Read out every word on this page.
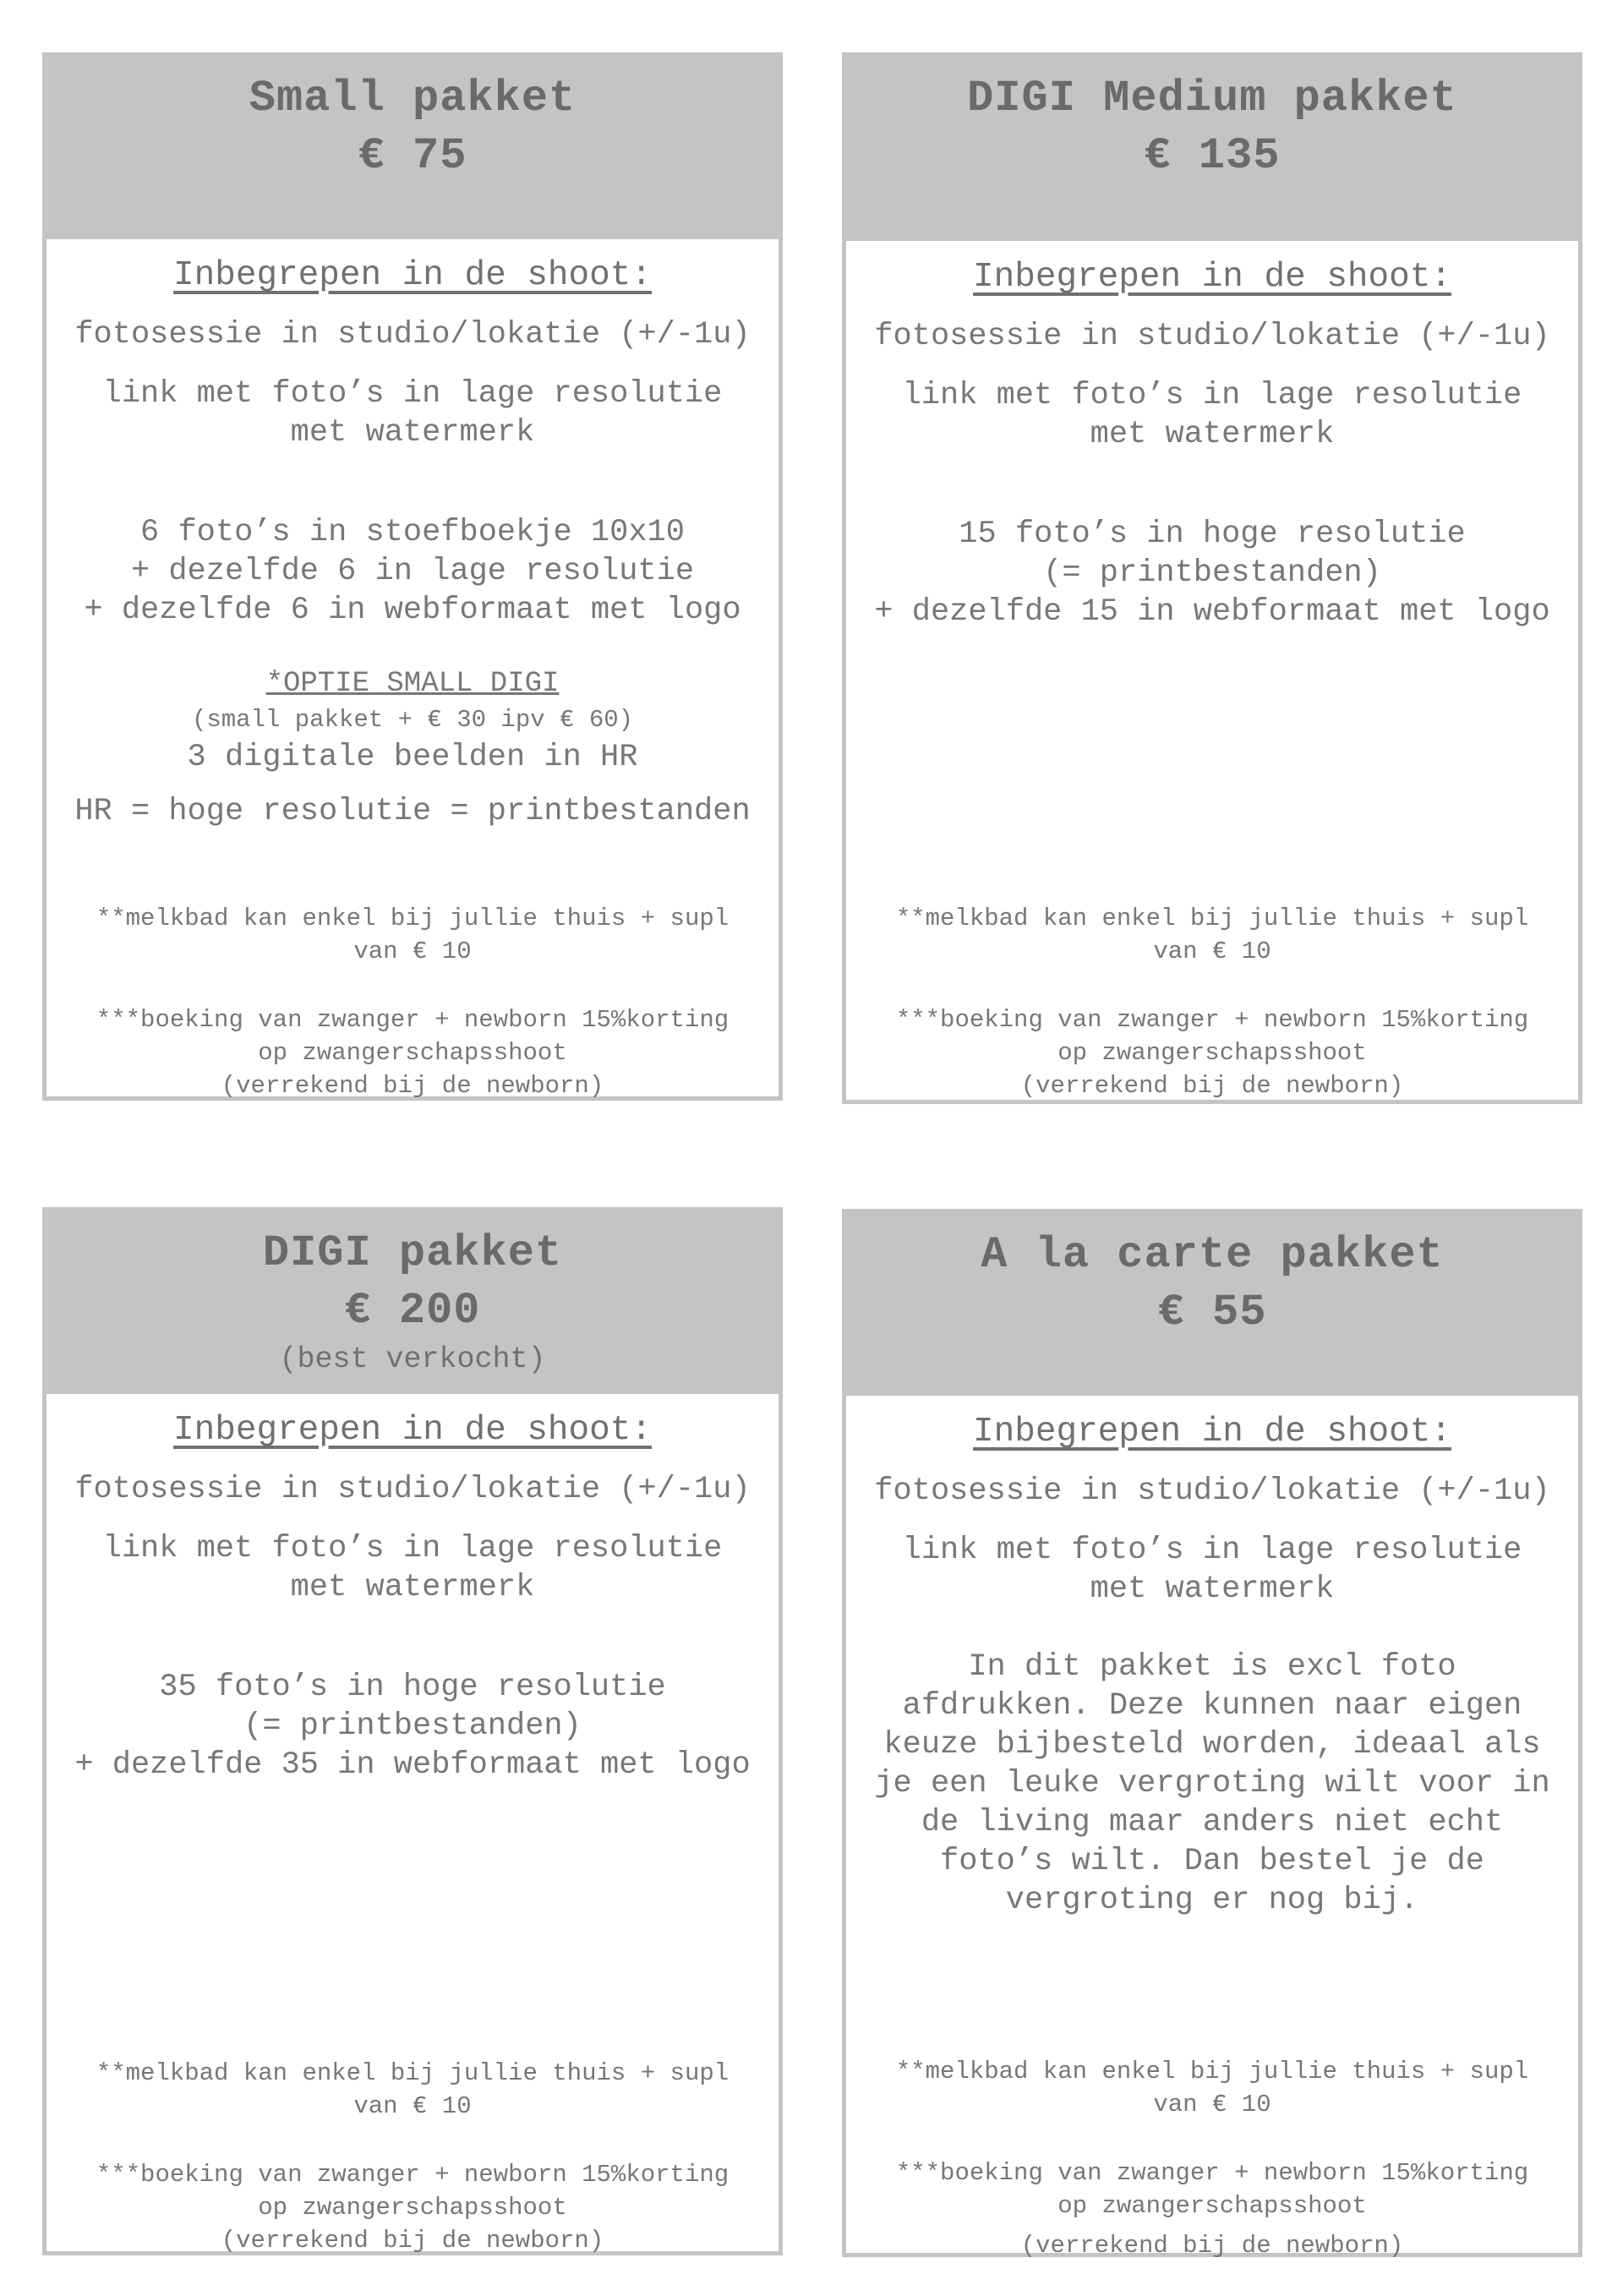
Small pakket
€ 75
Inbegrepen in de shoot:
fotosessie in studio/lokatie (+/-1u)
link met foto’s in lage resolutie
met watermerk
6 foto’s in stoefboekje 10x10
+ dezelfde 6 in lage resolutie
+ dezelfde 6 in webformaat met logo
*OPTIE SMALL DIGI
(small pakket + € 30 ipv € 60)
3 digitale beelden in HR
HR = hoge resolutie = printbestanden
**melkbad kan enkel bij jullie thuis + supl
van € 10
***boeking van zwanger + newborn 15%korting
op zwangerschapsshoot
(verrekend bij de newborn)
DIGI Medium pakket
€ 135
Inbegrepen in de shoot:
fotosessie in studio/lokatie (+/-1u)
link met foto’s in lage resolutie
met watermerk
15 foto’s in hoge resolutie
(= printbestanden)
+ dezelfde 15 in webformaat met logo
**melkbad kan enkel bij jullie thuis + supl
van € 10
***boeking van zwanger + newborn 15%korting
op zwangerschapsshoot
(verrekend bij de newborn)
DIGI pakket
€ 200
(best verkocht)
Inbegrepen in de shoot:
fotosessie in studio/lokatie (+/-1u)
link met foto’s in lage resolutie
met watermerk
35 foto’s in hoge resolutie
(= printbestanden)
+ dezelfde 35 in webformaat met logo
**melkbad kan enkel bij jullie thuis + supl
van € 10
***boeking van zwanger + newborn 15%korting
op zwangerschapsshoot
(verrekend bij de newborn)
A la carte pakket
€ 55
Inbegrepen in de shoot:
fotosessie in studio/lokatie (+/-1u)
link met foto’s in lage resolutie
met watermerk
In dit pakket is excl foto
afdrukken. Deze kunnen naar eigen
keuze bijbesteld worden, ideaal als
je een leuke vergroting wilt voor in
de living maar anders niet echt
foto’s wilt. Dan bestel je de
vergroting er nog bij.
**melkbad kan enkel bij jullie thuis + supl
van € 10
***boeking van zwanger + newborn 15%korting
op zwangerschapsshoot
(verrekend bij de newborn)
